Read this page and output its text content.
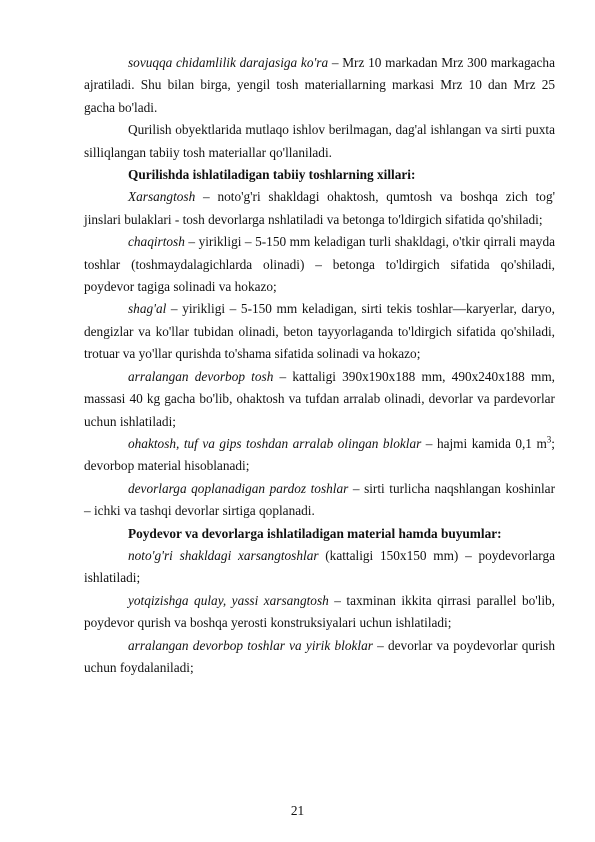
sovuqqa chidamlilik darajasiga ko'ra – Mrz 10 markadan Mrz 300 markagacha ajratiladi. Shu bilan birga, yengil tosh materiallarning markasi Mrz 10 dan Mrz 25 gacha bo'ladi.

Qurilish obyektlarida mutlaqo ishlov berilmagan, dag'al ishlangan va sirti puxta silliqlangan tabiiy tosh materiallar qo'llaniladi.

Qurilishda ishlatiladigan tabiiy toshlarning xillari:

Xarsangtosh – noto'g'ri shakldagi ohaktosh, qumtosh va boshqa zich tog' jinslari bulaklari - tosh devorlarga nshlatiladi va betonga to'ldirgich sifatida qo'shiladi;

chaqirtosh – yirikligi – 5-150 mm keladigan turli shakldagi, o'tkir qirrali mayda toshlar (toshmaydalagichlarda olinadi) – betonga to'ldirgich sifatida qo'shiladi, poydevor tagiga solinadi va hokazo;

shag'al – yirikligi – 5-150 mm keladigan, sirti tekis toshlar—karyerlar, daryo, dengizlar va ko'llar tubidan olinadi, beton tayyorlaganda to'ldirgich sifatida qo'shiladi, trotuar va yo'llar qurishda to'shama sifatida solinadi va hokazo;

arralangan devorbop tosh – kattaligi 390x190x188 mm, 490x240x188 mm, massasi 40 kg gacha bo'lib, ohaktosh va tufdan arralab olinadi, devorlar va pardevorlar uchun ishlatiladi;

ohaktosh, tuf va gips toshdan arralab olingan bloklar – hajmi kamida 0,1 $m^3$; devorbop material hisoblanadi;

devorlarga qoplanadigan pardoz toshlar – sirti turlicha naqshlangan koshinlar – ichki va tashqi devorlar sirtiga qoplanadi.

Poydevor va devorlarga ishlatiladigan material hamda buyumlar:

noto'g'ri shakldagi xarsangtoshlar (kattaligi 150x150 mm) – poydevorlarga ishlatiladi;

yotqizishga qulay, yassi xarsangtosh – taxminan ikkita qirrasi parallel bo'lib, poydevor qurish va boshqa yerosti konstruksiyalari uchun ishlatiladi;

arralangan devorbop toshlar va yirik bloklar – devorlar va poydevorlar qurish uchun foydalaniladi;

21
